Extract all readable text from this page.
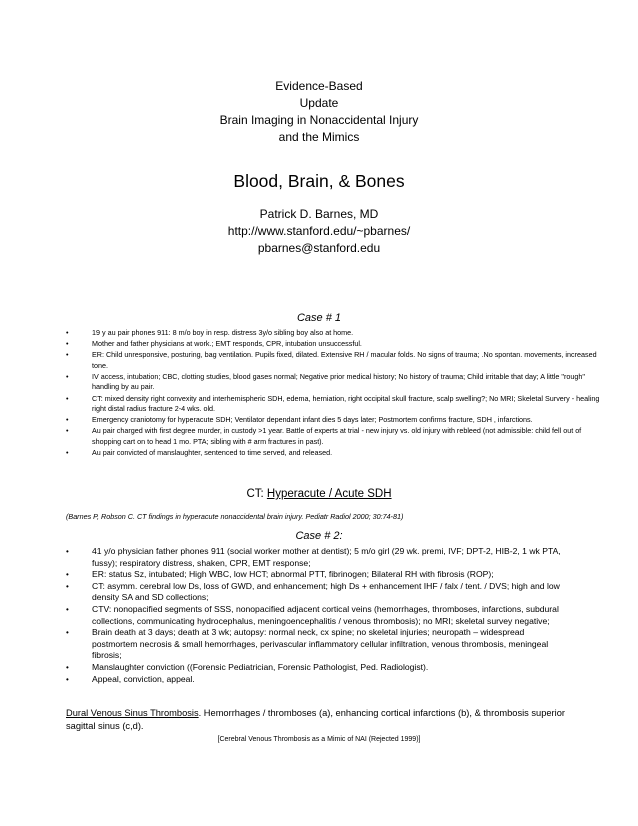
Evidence-Based
Update
Brain Imaging in Nonaccidental Injury
and the Mimics
Blood, Brain, & Bones
Patrick D. Barnes, MD
http://www.stanford.edu/~pbarnes/
pbarnes@stanford.edu
Case # 1
•	19 y au pair phones 911: 8 m/o boy in resp. distress 3y/o sibling boy also at home.
•	Mother and father physicians at work.; EMT responds, CPR, intubation unsuccessful.
•	ER: Child unresponsive, posturing, bag ventilation. Pupils fixed, dilated. Extensive RH / macular folds. No signs of trauma; .No spontan. movements, increased tone.
•	IV access, intubation; CBC, clotting studies, blood gases normal; Negative prior medical history; No history of trauma; Child irritable that day; A little "rough" handling by au pair.
•	CT: mixed density right convexity and interhemispheric SDH, edema, herniation, right occipital skull fracture, scalp swelling?; No MRI; Skeletal Survery - healing right distal radius fracture 2-4 wks. old.
•	Emergency craniotomy for hyperacute SDH; Ventilator dependant infant dies 5 days later; Postmortem confirms fracture, SDH , infarctions.
•	Au pair charged with first degree murder, in custody >1 year. Battle of experts at trial - new injury vs. old injury with rebleed (not admissible: child fell out of shopping cart on to head 1 mo. PTA; sibling with # arm fractures in past).
•	Au pair convicted of manslaughter, sentenced to time served, and released.
CT: Hyperacute / Acute SDH
(Barnes P, Robson C. CT findings in hyperacute nonaccidental brain injury. Pediatr Radiol 2000; 30:74-81)
Case # 2:
•	41 y/o physician father phones 911 (social worker mother at dentist); 5 m/o girl (29 wk. premi, IVF; DPT-2, HIB-2, 1 wk PTA, fussy); respiratory distress, shaken, CPR, EMT response;
•	ER: status Sz, intubated; High WBC, low HCT; abnormal PTT, fibrinogen; Bilateral RH with fibrosis (ROP);
•	CT: asymm. cerebral low Ds, loss of GWD, and enhancement; high Ds + enhancement IHF / falx / tent. / DVS; high and low density SA and SD collections;
•	CTV: nonopacified segments of SSS, nonopacified adjacent cortical veins (hemorrhages, thromboses, infarctions, subdural collections, communicating hydrocephalus, meningoencephalitis / venous thrombosis); no MRI; skeletal survey negative;
•	Brain death at 3 days; death at 3 wk; autopsy: normal neck, cx spine; no skeletal injuries; neuropath – widespread postmortem necrosis & small hemorrhages, perivascular inflammatory cellular infiltration, venous thrombosis, meningeal fibrosis;
•	Manslaughter conviction ((Forensic Pediatrician, Forensic Pathologist, Ped. Radiologist).
•	Appeal, conviction, appeal.
Dural Venous Sinus Thrombosis. Hemorrhages / thromboses (a), enhancing cortical infarctions (b), & thrombosis superior sagittal sinus (c,d).
[Cerebral Venous Thrombosis as a Mimic of NAI (Rejected 1999)]
